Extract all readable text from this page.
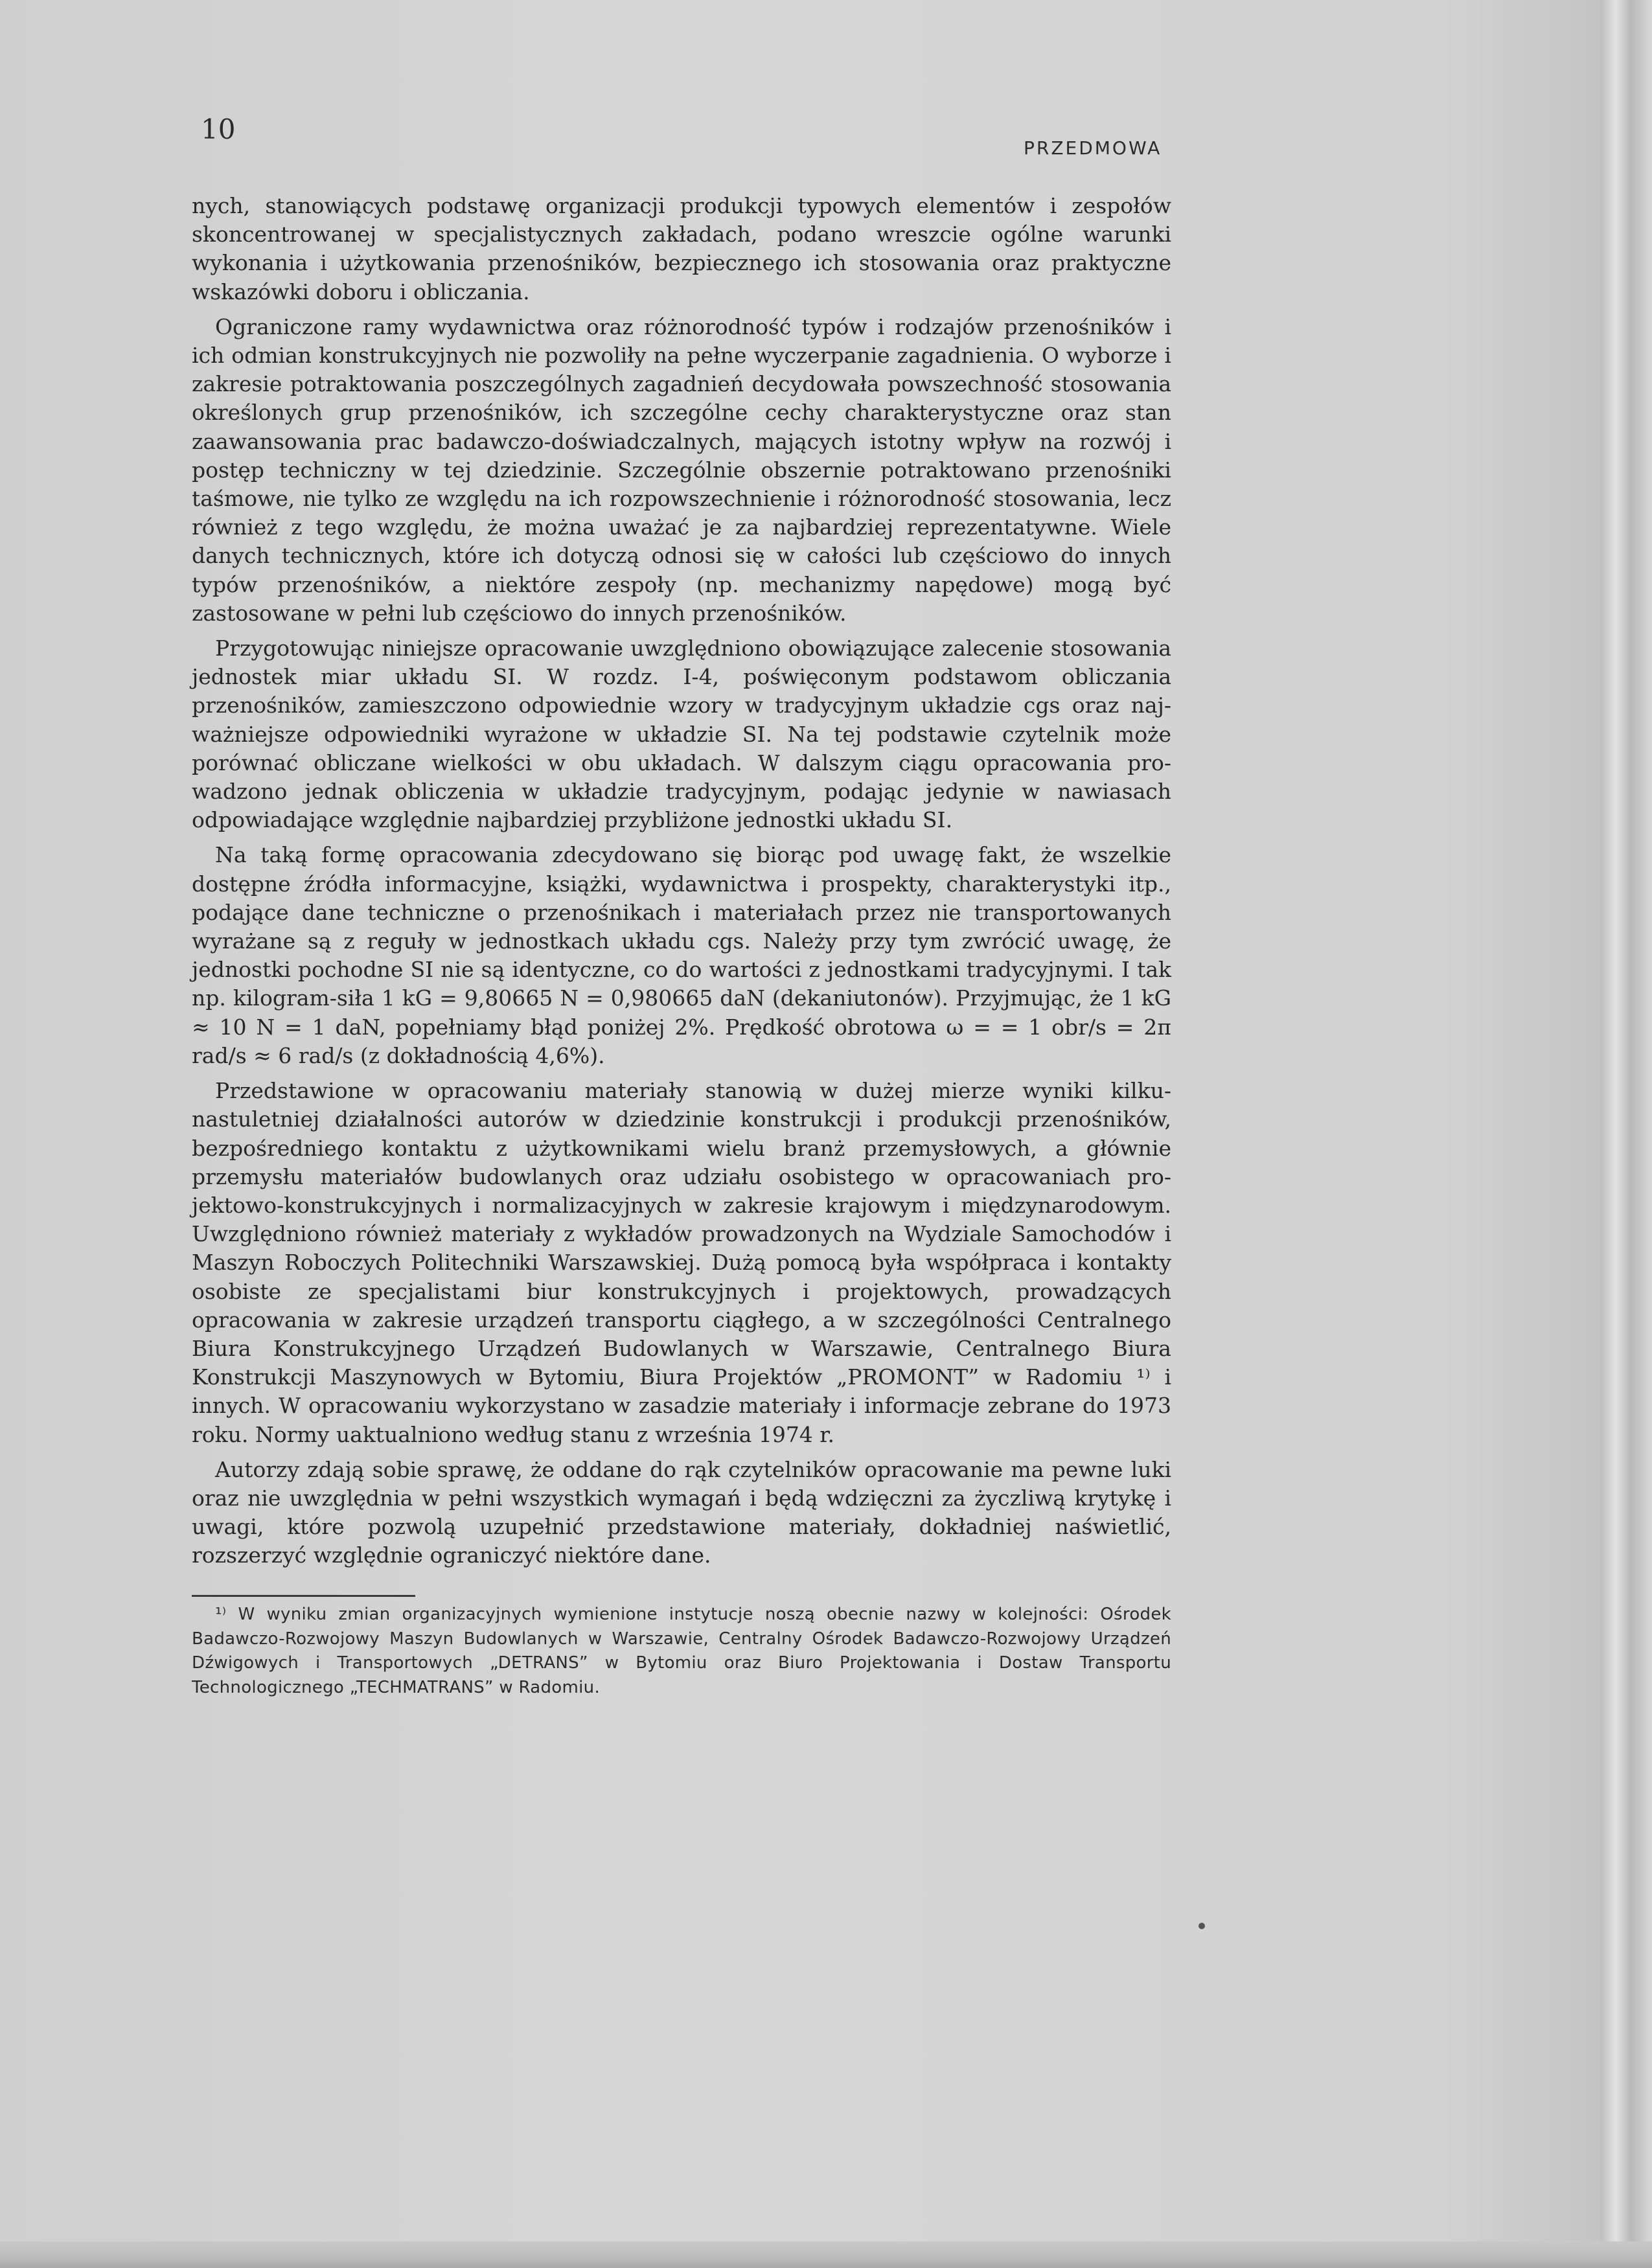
10
PRZEDMOWA

nych, stanowiących podstawę organizacji produkcji typowych elementów i zespołów skoncentrowanej w specjalistycznych zakładach, podano wreszcie ogólne warunki wykonania i użytkowania przenośników, bezpiecznego ich stosowania oraz praktyczne wskazówki doboru i obliczania.

Ograniczone ramy wydawnictwa oraz różnorodność typów i rodzajów przenośników i ich odmian konstrukcyjnych nie pozwoliły na pełne wyczerpanie zagadnienia. O wyborze i zakresie potraktowania poszczególnych zagadnień decydowała powszechność stosowania określonych grup przenośników, ich szczególne cechy charakterystyczne oraz stan zaawansowania prac badawczo-doświadczalnych, mających istotny wpływ na rozwój i postęp techniczny w tej dziedzinie. Szczególnie obszernie potraktowano przenośniki taśmowe, nie tylko ze względu na ich rozpowszechnienie i różnorodność stosowania, lecz również z tego względu, że można uważać je za najbardziej reprezentatywne. Wiele danych technicznych, które ich dotyczą odnosi się w całości lub częściowo do innych typów przenośników, a niektóre zespoły (np. mechanizmy napędowe) mogą być zastosowane w pełni lub częściowo do innych przenośników.

Przygotowując niniejsze opracowanie uwzględniono obowiązujące zalecenie stosowania jednostek miar układu SI. W rozdz. I-4, poświęconym podstawom obliczania przenośników, zamieszczono odpowiednie wzory w tradycyjnym układzie cgs oraz najważniejsze odpowiedniki wyrażone w układzie SI. Na tej podstawie czytelnik może porównać obliczane wielkości w obu układach. W dalszym ciągu opracowania prowadzono jednak obliczenia w układzie tradycyjnym, podając jedynie w nawiasach odpowiadające względnie najbardziej przybliżone jednostki układu SI.

Na taką formę opracowania zdecydowano się biorąc pod uwagę fakt, że wszelkie dostępne źródła informacyjne, książki, wydawnictwa i prospekty, charakterystyki itp., podające dane techniczne o przenośnikach i materiałach przez nie transportowanych wyrażane są z reguły w jednostkach układu cgs. Należy przy tym zwrócić uwagę, że jednostki pochodne SI nie są identyczne, co do wartości z jednostkami tradycyjnymi. I tak np. kilogram-siła 1 kG = 9,80665 N = 0,980665 daN (dekaniutonów). Przyjmując, że 1 kG ≈ 10 N = 1 daN, popełniamy błąd poniżej 2%. Prędkość obrotowa ω = = 1 obr/s = 2π rad/s ≈ 6 rad/s (z dokładnością 4,6%).

Przedstawione w opracowaniu materiały stanowią w dużej mierze wyniki kilkunastuletniej działalności autorów w dziedzinie konstrukcji i produkcji przenośników, bezpośredniego kontaktu z użytkownikami wielu branż przemysłowych, a głównie przemysłu materiałów budowlanych oraz udziału osobistego w opracowaniach projektowo-konstrukcyjnych i normalizacyjnych w zakresie krajowym i międzynarodowym. Uwzględniono również materiały z wykładów prowadzonych na Wydziale Samochodów i Maszyn Roboczych Politechniki Warszawskiej. Dużą pomocą była współpraca i kontakty osobiste ze specjalistami biur konstrukcyjnych i projektowych, prowadzących opracowania w zakresie urządzeń transportu ciągłego, a w szczególności Centralnego Biura Konstrukcyjnego Urządzeń Budowlanych w Warszawie, Centralnego Biura Konstrukcji Maszynowych w Bytomiu, Biura Projektów „PROMONT” w Radomiu ¹⁾ i innych. W opracowaniu wykorzystano w zasadzie materiały i informacje zebrane do 1973 roku. Normy uaktualniono według stanu z września 1974 r.

Autorzy zdają sobie sprawę, że oddane do rąk czytelników opracowanie ma pewne luki oraz nie uwzględnia w pełni wszystkich wymagań i będą wdzięczni za życzliwą krytykę i uwagi, które pozwolą uzupełnić przedstawione materiały, dokładniej naświetlić, rozszerzyć względnie ograniczyć niektóre dane.

¹⁾ W wyniku zmian organizacyjnych wymienione instytucje noszą obecnie nazwy w kolejności: Ośrodek Badawczo-Rozwojowy Maszyn Budowlanych w Warszawie, Centralny Ośrodek Badawczo-Rozwojowy Urządzeń Dźwigowych i Transportowych „DETRANS” w Bytomiu oraz Biuro Projektowania i Dostaw Transportu Technologicznego „TECHMATRANS” w Radomiu.
